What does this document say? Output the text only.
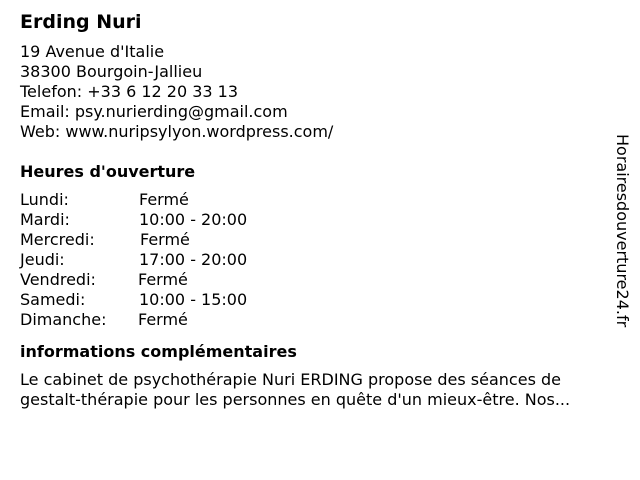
Erding Nuri
19 Avenue d'Italie
38300 Bourgoin-Jallieu
Telefon: +33 6 12 20 33 13
Email: psy.nurierding@gmail.com
Web: www.nuripsylyon.wordpress.com/
Heures d'ouverture
Lundi:	Fermé
Mardi:	10:00 - 20:00
Mercredi:	Fermé
Jeudi:	17:00 - 20:00
Vendredi:	Fermé
Samedi:	10:00 - 15:00
Dimanche: Fermé
informations complémentaires
Le cabinet de psychothérapie Nuri ERDING propose des séances de
gestalt-thérapie pour les personnes en quête d'un mieux-être. Nos...
Horairesdouverture24.fr
